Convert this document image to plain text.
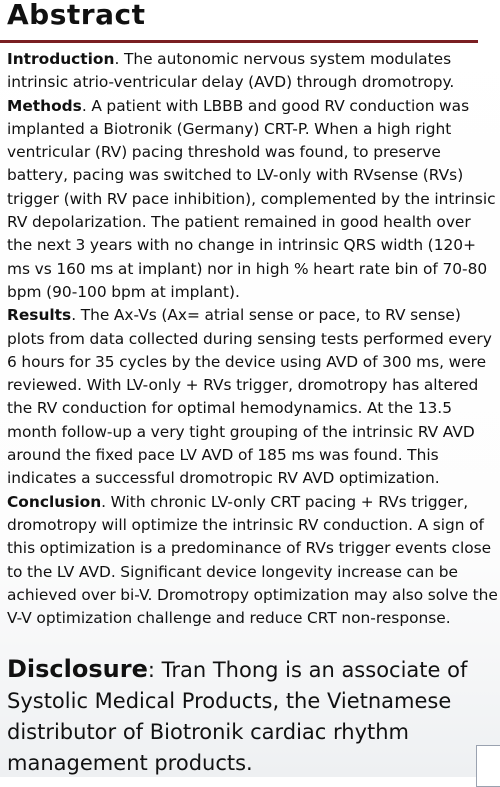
Abstract

Introduction. The autonomic nervous system modulates intrinsic atrio-ventricular delay (AVD) through dromotropy.

Methods. A patient with LBBB and good RV conduction was implanted a Biotronik (Germany) CRT-P. When a high right ventricular (RV) pacing threshold was found, to preserve battery, pacing was switched to LV-only with RVsense (RVs) trigger (with RV pace inhibition), complemented by the intrinsic RV depolarization. The patient remained in good health over the next 3 years with no change in intrinsic QRS width (120+ ms vs 160 ms at implant) nor in high % heart rate bin of 70-80 bpm (90-100 bpm at implant).

Results. The Ax-Vs (Ax= atrial sense or pace, to RV sense) plots from data collected during sensing tests performed every 6 hours for 35 cycles by the device using AVD of 300 ms, were reviewed. With LV-only + RVs trigger, dromotropy has altered the RV conduction for optimal hemodynamics. At the 13.5 month follow-up a very tight grouping of the intrinsic RV AVD around the fixed pace LV AVD of 185 ms was found. This indicates a successful dromotropic RV AVD optimization.

Conclusion. With chronic LV-only CRT pacing + RVs trigger, dromotropy will optimize the intrinsic RV conduction. A sign of this optimization is a predominance of RVs trigger events close to the LV AVD. Significant device longevity increase can be achieved over bi-V. Dromotropy optimization may also solve the V-V optimization challenge and reduce CRT non-response.

Disclosure: Tran Thong is an associate of Systolic Medical Products, the Vietnamese distributor of Biotronik cardiac rhythm management products.
